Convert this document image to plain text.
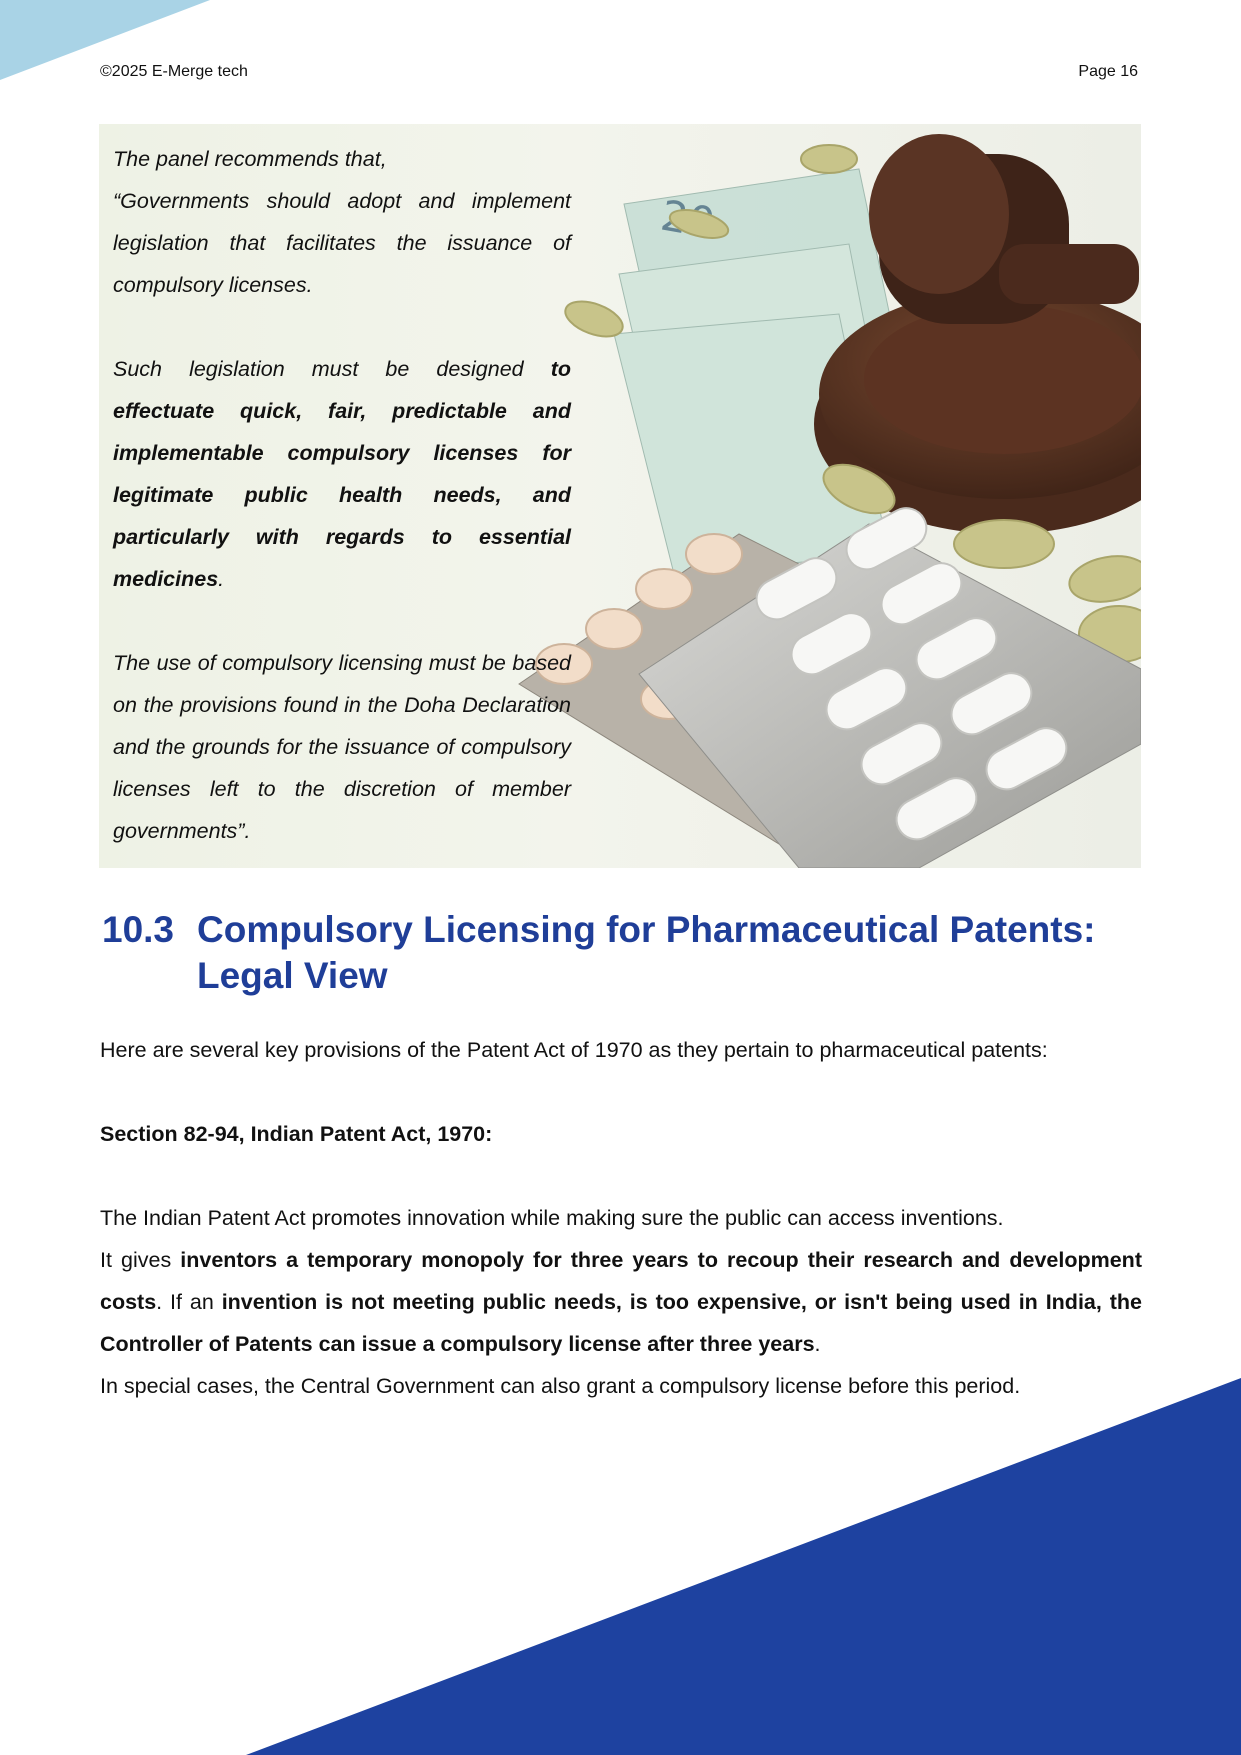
©2025 E-Merge tech	Page 16

The panel recommends that,

“Governments should adopt and implement legislation that facilitates the issuance of compulsory licenses.

Such legislation must be designed to effectuate quick, fair, predictable and implementable compulsory licenses for legitimate public health needs, and particularly with regards to essential medicines.

The use of compulsory licensing must be based on the provisions found in the Doha Declaration and the grounds for the issuance of compulsory licenses left to the discretion of member governments”.

10.3 Compulsory Licensing for Pharmaceutical Patents: Legal View

Here are several key provisions of the Patent Act of 1970 as they pertain to pharmaceutical patents:

Section 82-94, Indian Patent Act, 1970:

The Indian Patent Act promotes innovation while making sure the public can access inventions.

It gives inventors a temporary monopoly for three years to recoup their research and development costs. If an invention is not meeting public needs, is too expensive, or isn't being used in India, the Controller of Patents can issue a compulsory license after three years.

In special cases, the Central Government can also grant a compulsory license before this period.
